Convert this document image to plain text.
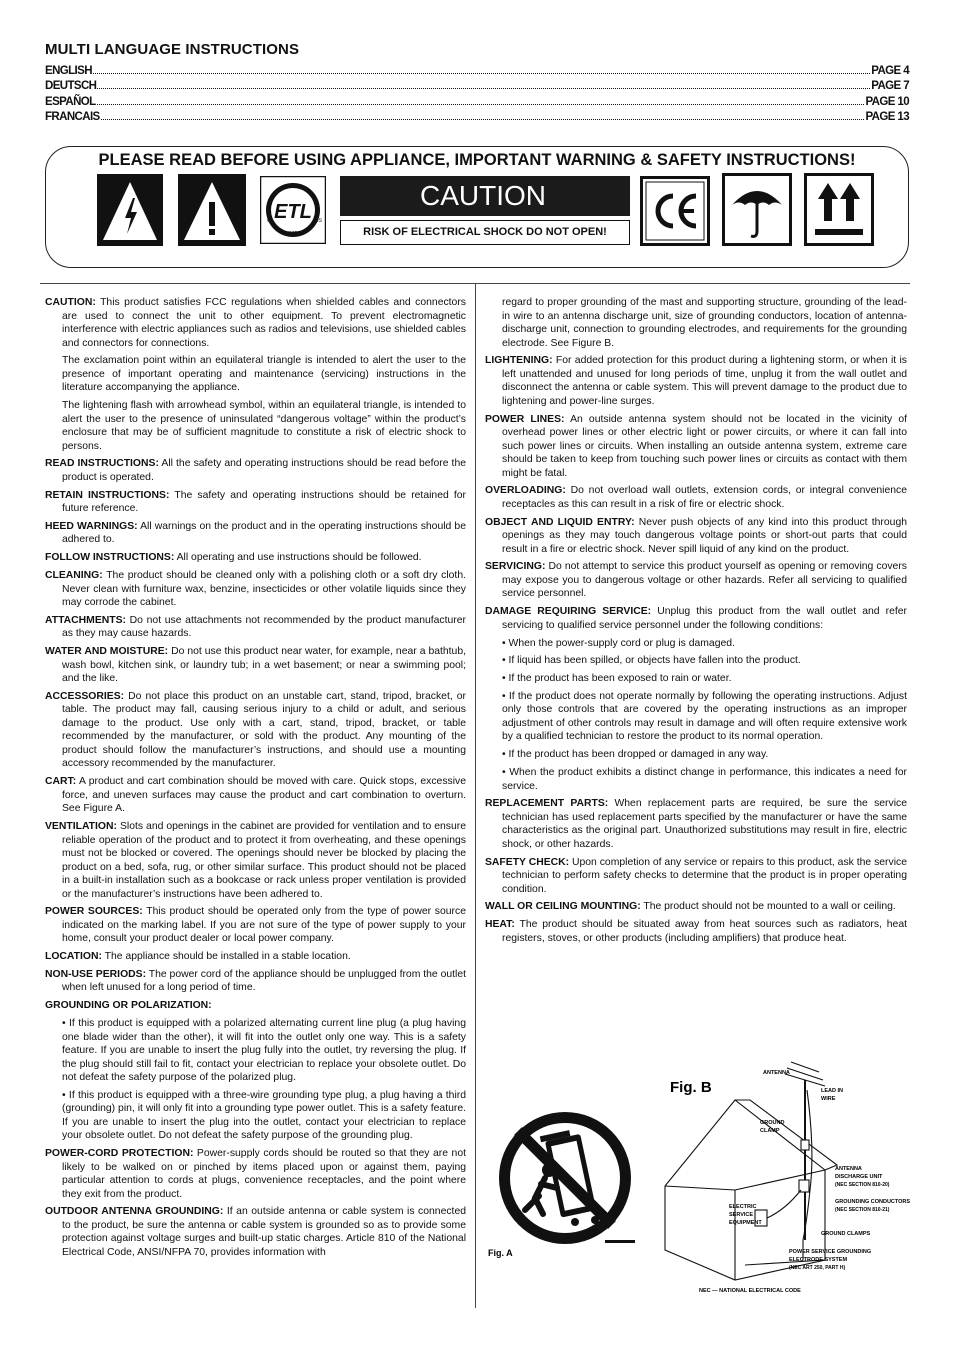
MULTI LANGUAGE INSTRUCTIONS
ENGLISH	PAGE 4
DEUTSCH	PAGE 7
ESPAÑOL	PAGE 10
FRANCAIS	PAGE 13
PLEASE READ BEFORE USING APPLIANCE, IMPORTANT WARNING & SAFETY INSTRUCTIONS!
ETL
C	US
LISTED
CAUTION
RISK OF ELECTRICAL SHOCK DO NOT OPEN!

CAUTION: This product satisfies FCC regulations when shielded cables and connectors are used to connect the unit to other equipment. To prevent electromagnetic interference with electric appliances such as radios and televisions, use shielded cables and connectors for connections.

The exclamation point within an equilateral triangle is intended to alert the user to the presence of important operating and maintenance (servicing) instructions in the literature accompanying the appliance.

The lightening flash with arrowhead symbol, within an equilateral triangle, is intended to alert the user to the presence of uninsulated “dangerous voltage” within the product’s enclosure that may be of sufficient magnitude to constitute a risk of electric shock to persons.

READ INSTRUCTIONS: All the safety and operating instructions should be read before the product is operated.

RETAIN INSTRUCTIONS: The safety and operating instructions should be retained for future reference.

HEED WARNINGS: All warnings on the product and in the operating instructions should be adhered to.

FOLLOW INSTRUCTIONS: All operating and use instructions should be followed.

CLEANING: The product should be cleaned only with a polishing cloth or a soft dry cloth. Never clean with furniture wax, benzine, insecticides or other volatile liquids since they may corrode the cabinet.

ATTACHMENTS: Do not use attachments not recommended by the product manufacturer as they may cause hazards.

WATER AND MOISTURE: Do not use this product near water, for example, near a bathtub, wash bowl, kitchen sink, or laundry tub; in a wet basement; or near a swimming pool; and the like.

ACCESSORIES: Do not place this product on an unstable cart, stand, tripod, bracket, or table. The product may fall, causing serious injury to a child or adult, and serious damage to the product. Use only with a cart, stand, tripod, bracket, or table recommended by the manufacturer, or sold with the product. Any mounting of the product should follow the manufacturer’s instructions, and should use a mounting accessory recommended by the manufacturer.

CART: A product and cart combination should be moved with care. Quick stops, excessive force, and uneven surfaces may cause the product and cart combination to overturn. See Figure A.

VENTILATION: Slots and openings in the cabinet are provided for ventilation and to ensure reliable operation of the product and to protect it from overheating, and these openings must not be blocked or covered. The openings should never be blocked by placing the product on a bed, sofa, rug, or other similar surface. This product should not be placed in a built-in installation such as a bookcase or rack unless proper ventilation is provided or the manufacturer’s instructions have been adhered to.

POWER SOURCES: This product should be operated only from the type of power source indicated on the marking label. If you are not sure of the type of power supply to your home, consult your product dealer or local power company.

LOCATION: The appliance should be installed in a stable location.

NON-USE PERIODS: The power cord of the appliance should be unplugged from the outlet when left unused for a long period of time.

GROUNDING OR POLARIZATION:

• If this product is equipped with a polarized alternating current line plug (a plug having one blade wider than the other), it will fit into the outlet only one way. This is a safety feature. If you are unable to insert the plug fully into the outlet, try reversing the plug. If the plug should still fail to fit, contact your electrician to replace your obsolete outlet. Do not defeat the safety purpose of the polarized plug.

• If this product is equipped with a three-wire grounding type plug, a plug having a third (grounding) pin, it will only fit into a grounding type power outlet. This is a safety feature. If you are unable to insert the plug into the outlet, contact your electrician to replace your obsolete outlet. Do not defeat the safety purpose of the grounding plug.

POWER-CORD PROTECTION: Power-supply cords should be routed so that they are not likely to be walked on or pinched by items placed upon or against them, paying particular attention to cords at plugs, convenience receptacles, and the point where they exit from the product.

OUTDOOR ANTENNA GROUNDING: If an outside antenna or cable system is connected to the product, be sure the antenna or cable system is grounded so as to provide some protection against voltage surges and built-up static charges. Article 810 of the National Electrical Code, ANSI/NFPA 70, provides information with

regard to proper grounding of the mast and supporting structure, grounding of the lead-in wire to an antenna discharge unit, size of grounding conductors, location of antenna-discharge unit, connection to grounding electrodes, and requirements for the grounding electrode. See Figure B.

LIGHTENING: For added protection for this product during a lightening storm, or when it is left unattended and unused for long periods of time, unplug it from the wall outlet and disconnect the antenna or cable system. This will prevent damage to the product due to lightening and power-line surges.

POWER LINES: An outside antenna system should not be located in the vicinity of overhead power lines or other electric light or power circuits, or where it can fall into such power lines or circuits. When installing an outside antenna system, extreme care should be taken to keep from touching such power lines or circuits as contact with them might be fatal.

OVERLOADING: Do not overload wall outlets, extension cords, or integral convenience receptacles as this can result in a risk of fire or electric shock.

OBJECT AND LIQUID ENTRY: Never push objects of any kind into this product through openings as they may touch dangerous voltage points or short-out parts that could result in a fire or electric shock. Never spill liquid of any kind on the product.

SERVICING: Do not attempt to service this product yourself as opening or removing covers may expose you to dangerous voltage or other hazards. Refer all servicing to qualified service personnel.

DAMAGE REQUIRING SERVICE: Unplug this product from the wall outlet and refer servicing to qualified service personnel under the following conditions:

• When the power-supply cord or plug is damaged.

• If liquid has been spilled, or objects have fallen into the product.

• If the product has been exposed to rain or water.

• If the product does not operate normally by following the operating instructions. Adjust only those controls that are covered by the operating instructions as an improper adjustment of other controls may result in damage and will often require extensive work by a qualified technician to restore the product to its normal operation.

• If the product has been dropped or damaged in any way.

• When the product exhibits a distinct change in performance, this indicates a need for service.

REPLACEMENT PARTS: When replacement parts are required, be sure the service technician has used replacement parts specified by the manufacturer or have the same characteristics as the original part. Unauthorized substitutions may result in fire, electric shock, or other hazards.

SAFETY CHECK: Upon completion of any service or repairs to this product, ask the service technician to perform safety checks to determine that the product is in proper operating condition.

WALL OR CEILING MOUNTING: The product should not be mounted to a wall or ceiling.

HEAT: The product should be situated away from heat sources such as radiators, heat registers, stoves, or other products (including amplifiers) that produce heat.

Fig. A
Fig. B
ANTENNA
LEAD IN
WIRE
GROUND
CLAMP
ANTENNA
DISCHARGE UNIT
(NEC SECTION 810-20)
GROUNDING CONDUCTORS
(NEC SECTION 810-21)
ELECTRIC
SERVICE
EQUIPMENT
GROUND CLAMPS
POWER SERVICE GROUNDING
ELECTRODE SYSTEM
(NEC ART 250, PART H)
NEC — NATIONAL ELECTRICAL CODE
